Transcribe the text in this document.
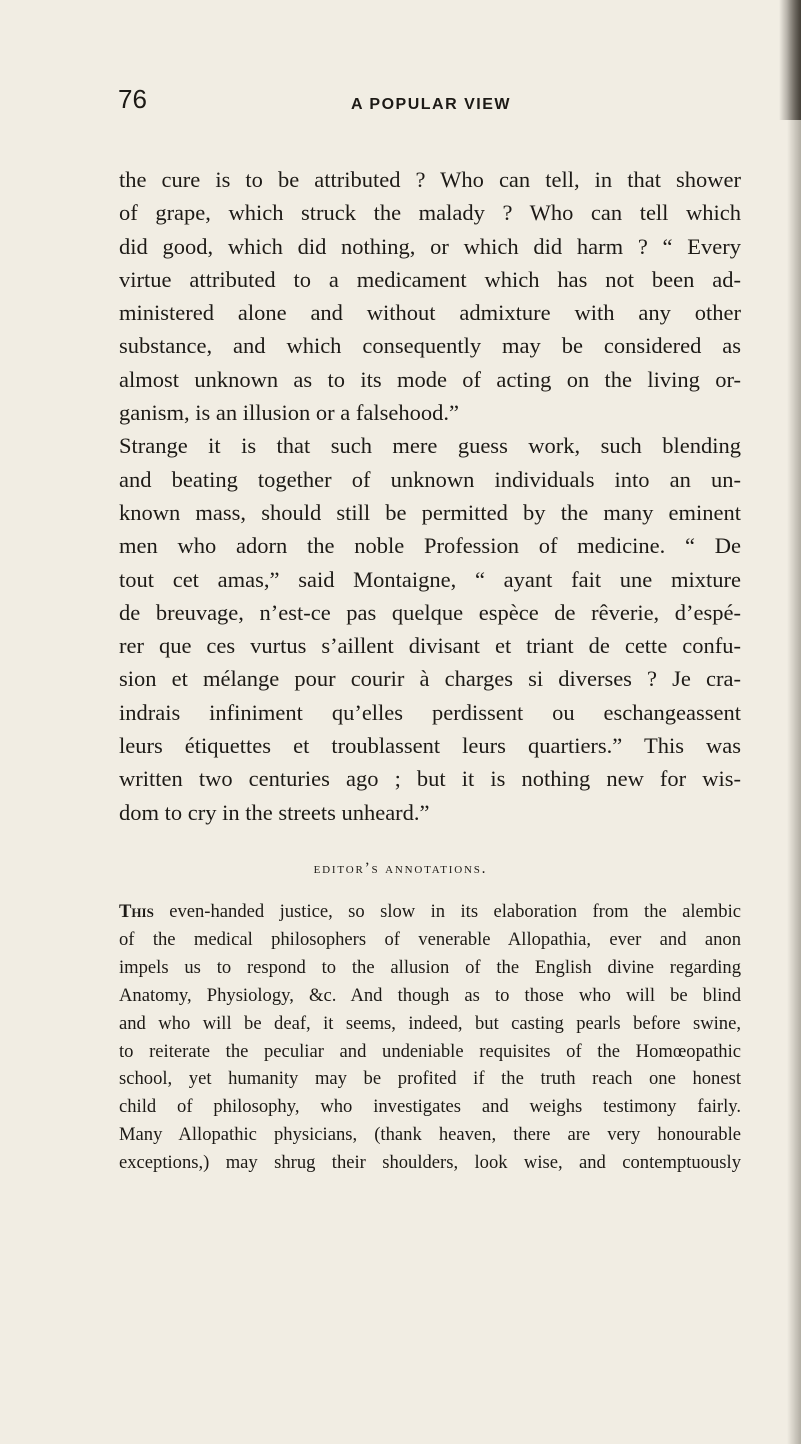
76	A POPULAR VIEW
the cure is to be attributed ? Who can tell, in that shower
of grape, which struck the malady ? Who can tell which
did good, which did nothing, or which did harm ? “ Every
virtue attributed to a medicament which has not been ad-
ministered alone and without admixture with any other
substance, and which consequently may be considered as
almost unknown as to its mode of acting on the living or-
ganism, is an illusion or a falsehood.”
Strange it is that such mere guess work, such blending
and beating together of unknown individuals into an un-
known mass, should still be permitted by the many eminent
men who adorn the noble Profession of medicine. “ De
tout cet amas,” said Montaigne, “ ayant fait une mixture
de breuvage, n’est-ce pas quelque espèce de rêverie, d’espé-
rer que ces vurtus s’aillent divisant et triant de cette confu-
sion et mélange pour courir à charges si diverses ? Je cra-
indrais infiniment qu’elles perdissent ou eschangeassent
leurs étiquettes et troublassent leurs quartiers.” This was
written two centuries ago ; but it is nothing new for wis-
dom to cry in the streets unheard.”
editor’s annotations.
This even-handed justice, so slow in its elaboration from the alembic
of the medical philosophers of venerable Allopathia, ever and anon
impels us to respond to the allusion of the English divine regarding
Anatomy, Physiology, &c. And though as to those who will be blind
and who will be deaf, it seems, indeed, but casting pearls before swine,
to reiterate the peculiar and undeniable requisites of the Homœopathic
school, yet humanity may be profited if the truth reach one honest
child of philosophy, who investigates and weighs testimony fairly.
Many Allopathic physicians, (thank heaven, there are very honourable
exceptions,) may shrug their shoulders, look wise, and contemptuously
